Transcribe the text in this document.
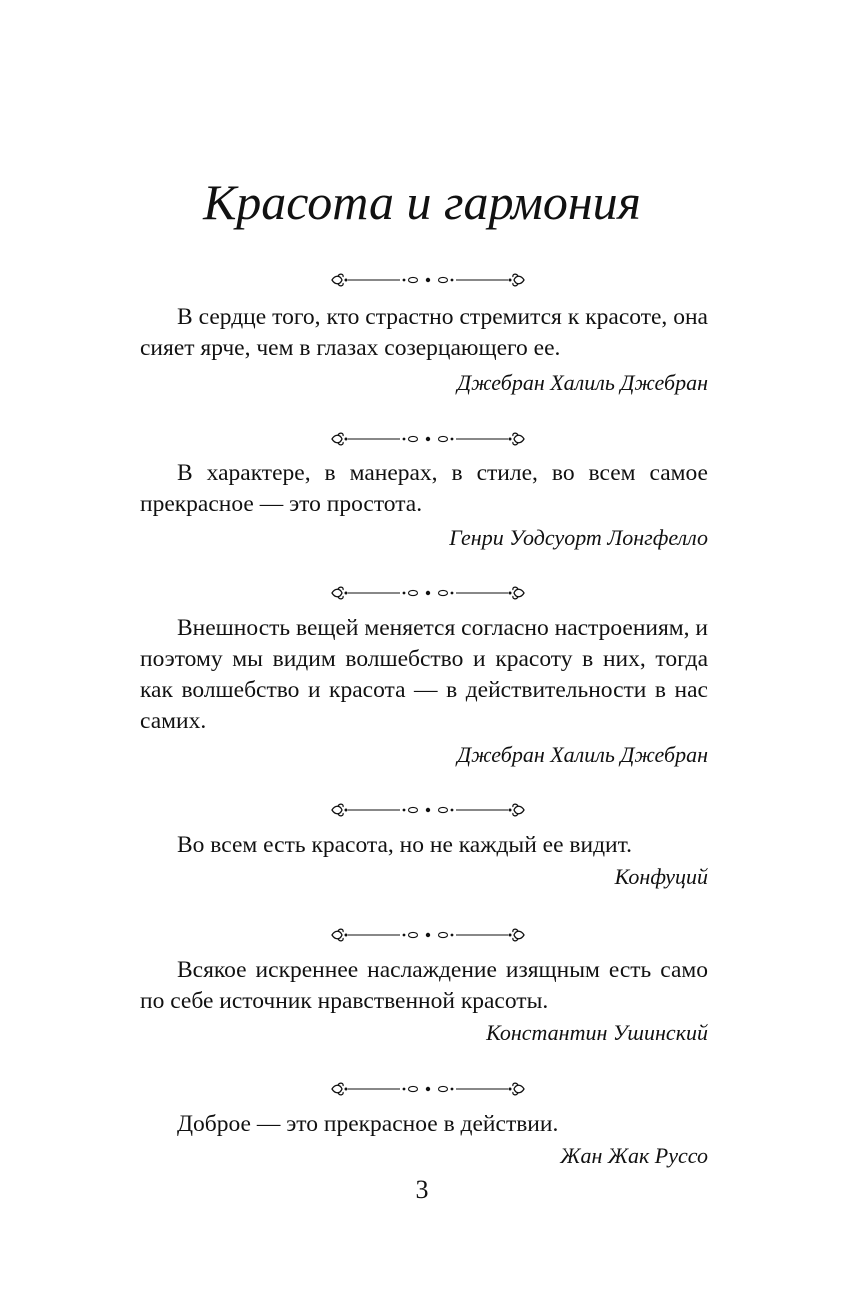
Красота и гармония
В сердце того, кто страстно стремится к красоте, она сияет ярче, чем в глазах созерцающего ее.
Джебран Халиль Джебран
В характере, в манерах, в стиле, во всем самое прекрасное — это простота.
Генри Уодсуорт Лонгфелло
Внешность вещей меняется согласно настроениям, и поэтому мы видим волшебство и красоту в них, тогда как волшебство и красота — в действительности в нас самих.
Джебран Халиль Джебран
Во всем есть красота, но не каждый ее видит.
Конфуций
Всякое искреннее наслаждение изящным есть само по себе источник нравственной красоты.
Константин Ушинский
Доброе — это прекрасное в действии.
Жан Жак Руссо
3
